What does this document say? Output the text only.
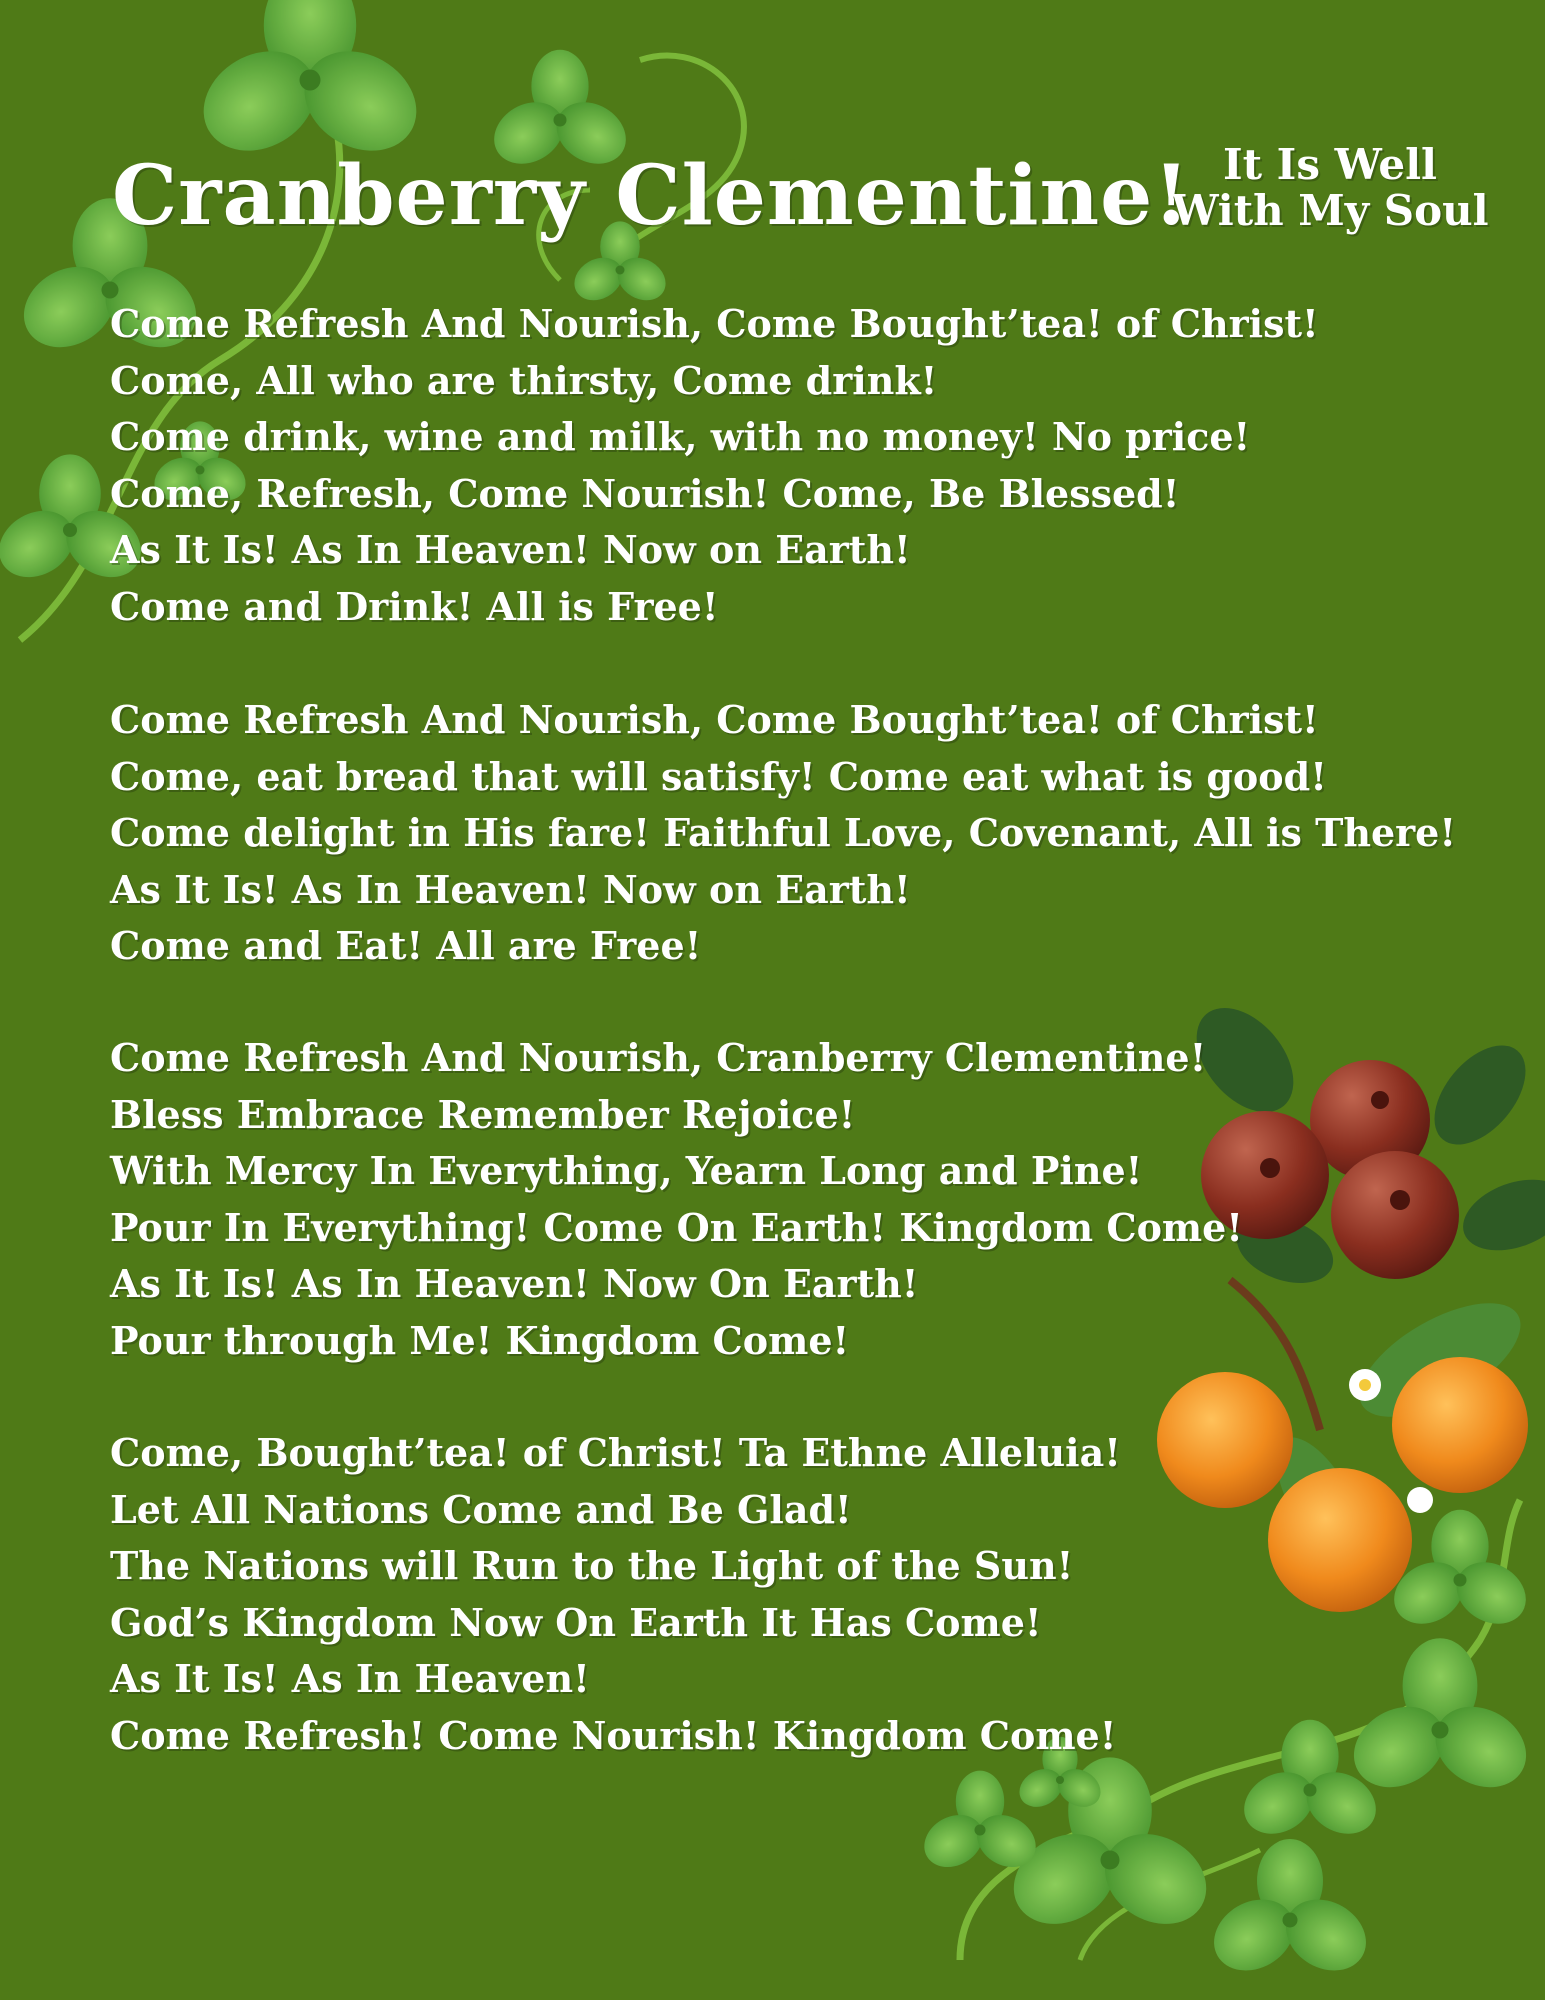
Cranberry Clementine! It Is Well
With My Soul
Come Refresh And Nourish, Come Bought’tea! of Christ!
Come, All who are thirsty, Come drink!
Come drink, wine and milk, with no money! No price!
Come, Refresh, Come Nourish! Come, Be Blessed!
As It Is! As In Heaven! Now on Earth!
Come and Drink! All is Free!
Come Refresh And Nourish, Come Bought’tea! of Christ!
Come, eat bread that will satisfy! Come eat what is good!
Come delight in His fare! Faithful Love, Covenant, All is There!
As It Is! As In Heaven! Now on Earth!
Come and Eat! All are Free!
Come Refresh And Nourish, Cranberry Clementine!
Bless Embrace Remember Rejoice!
With Mercy In Everything, Yearn Long and Pine!
Pour In Everything! Come On Earth! Kingdom Come!
As It Is! As In Heaven! Now On Earth!
Pour through Me! Kingdom Come!
Come, Bought’tea! of Christ! Ta Ethne Alleluia!
Let All Nations Come and Be Glad!
The Nations will Run to the Light of the Sun!
God’s Kingdom Now On Earth It Has Come!
As It Is! As In Heaven!
Come Refresh! Come Nourish! Kingdom Come!
